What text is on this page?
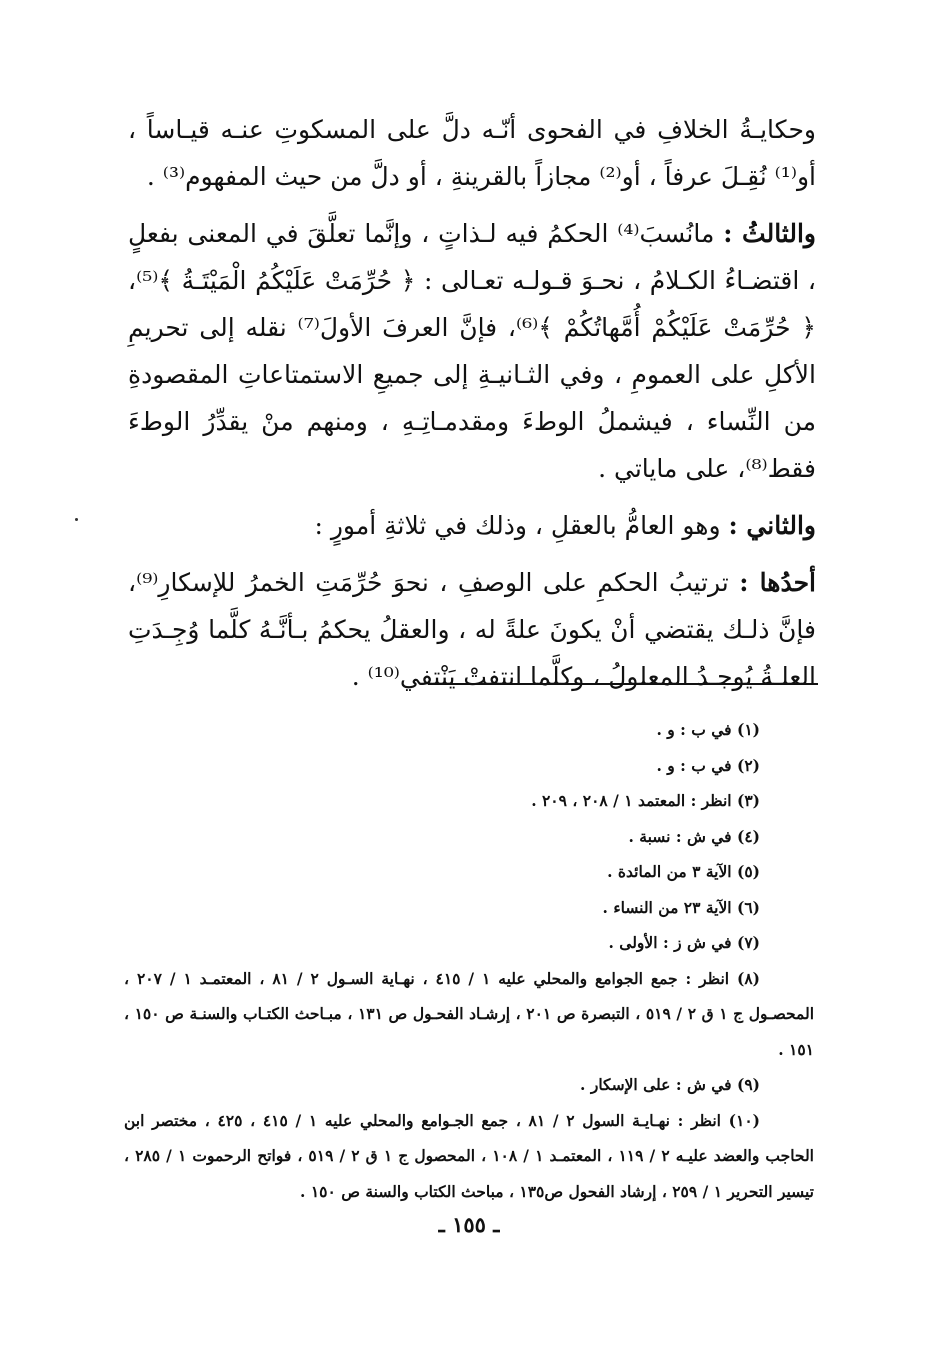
وحكايـةُ الخلافِ في الفحوى أنّـه دلَّ على المسكوتِ عنـه قيـاساً ، أو⁽¹⁾ نُقِـلَ عرفاً ، أو⁽²⁾ مجازاً بالقرينةِ ، أو دلَّ من حيث المفهوم⁽³⁾ .

والثالثُ : مانُسبَ⁽⁴⁾ الحكمُ فيه لـذاتٍ ، وإنَّما تعلَّقَ في المعنى بفعلٍ ، اقتضـاءُ الكـلامُ ، نحـوَ قـولـه تعـالى : ﴿ حُرِّمَتْ عَلَيْكُمُ الْمَيْتَـةُ ﴾⁽⁵⁾، ﴿ حُرِّمَتْ عَلَيْكُمْ أُمَّهاتُكُمْ ﴾⁽⁶⁾، فإنَّ العرفَ الأولَ⁽⁷⁾ نقله إلى تحريمِ الأكلِ على العمومِ ، وفي الثـانيـةِ إلى جميعِ الاستمتاعاتِ المقصودةِ من النِّساء ، فيشملُ الوطءَ ومقدمـاتِـهِ ، ومنهم منْ يقدِّرُ الوطءَ فقط⁽⁸⁾، على ماياتي .

والثاني : وهو العامُّ بالعقلِ ، وذلك في ثلاثةِ أمورٍ :

أحدُها : ترتيبُ الحكمِ على الوصفِ ، نحوَ حُرِّمَتِ الخمرُ للإسكارِ⁽⁹⁾، فإنَّ ذلـك يقتضي أنْ يكونَ علةً له ، والعقلُ يحكمُ بـأنَّـهُ كلَّما وُجِـدَتِ العلـةُ يُوجـدُ المعلولُ ، وكلَّما انتفتْ يَنْتفي⁽¹⁰⁾ .

(١) في ب : و .

(٢) في ب : و .

(٣) انظر : المعتمد ١ / ٢٠٨ ، ٢٠٩ .

(٤) في ش : نسبة .

(٥) الآية ٣ من المائدة .

(٦) الآية ٢٣ من النساء .

(٧) في ش ز : الأولى .

(٨) انظر : جمع الجوامع والمحلي عليه ١ / ٤١٥ ، نهـاية السـول ٢ / ٨١ ، المعتمـد ١ / ٢٠٧ ، المحصـول ج ١ ق ٢ / ٥١٩ ، التبصرة ص ٢٠١ ، إرشـاد الفحـول ص ١٣١ ، مبـاحث الكتـاب والسنـة ص ١٥٠ ، ١٥١ .

(٩) في ش : على الإسكار .

(١٠) انظر : نهـايـة السول ٢ / ٨١ ، جمع الجـوامع والمحلي عليه ١ / ٤١٥ ، ٤٢٥ ، مختصر ابن الحاجب والعضد عليـه ٢ / ١١٩ ، المعتمـد ١ / ١٠٨ ، المحصول ج ١ ق ٢ / ٥١٩ ، فواتح الرحموت ١ / ٢٨٥ ، تيسير التحرير ١ / ٢٥٩ ، إرشاد الفحول ص١٣٥ ، مباحث الكتاب والسنة ص ١٥٠ .

ـ ١٥٥ ـ
